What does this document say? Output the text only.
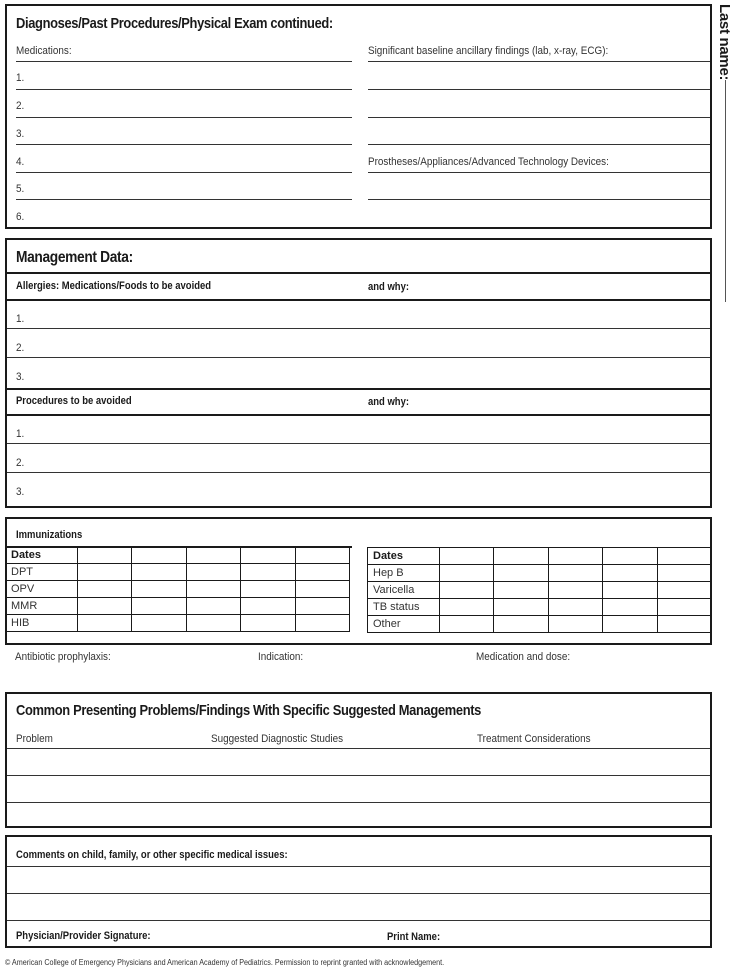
Last name:
Diagnoses/Past Procedures/Physical Exam continued:
Medications:
1.
2.
3.
4.
5.
6.
Significant baseline ancillary findings (lab, x-ray, ECG):
Prostheses/Appliances/Advanced Technology Devices:
Management Data:
Allergies: Medications/Foods to be avoided	and why:
1.
2.
3.
Procedures to be avoided	and why:
1.
2.
3.
Immunizations
Dates					
DPT					
OPV					
MMR					
HIB					
Dates					
Hep B					
Varicella					
TB status					
Other					
Antibiotic prophylaxis:	Indication:	Medication and dose:
Common Presenting Problems/Findings With Specific Suggested Managements
Problem	Suggested Diagnostic Studies	Treatment Considerations
Comments on child, family, or other specific medical issues:
Physician/Provider Signature:	Print Name:
© American College of Emergency Physicians and American Academy of Pediatrics. Permission to reprint granted with acknowledgement.
